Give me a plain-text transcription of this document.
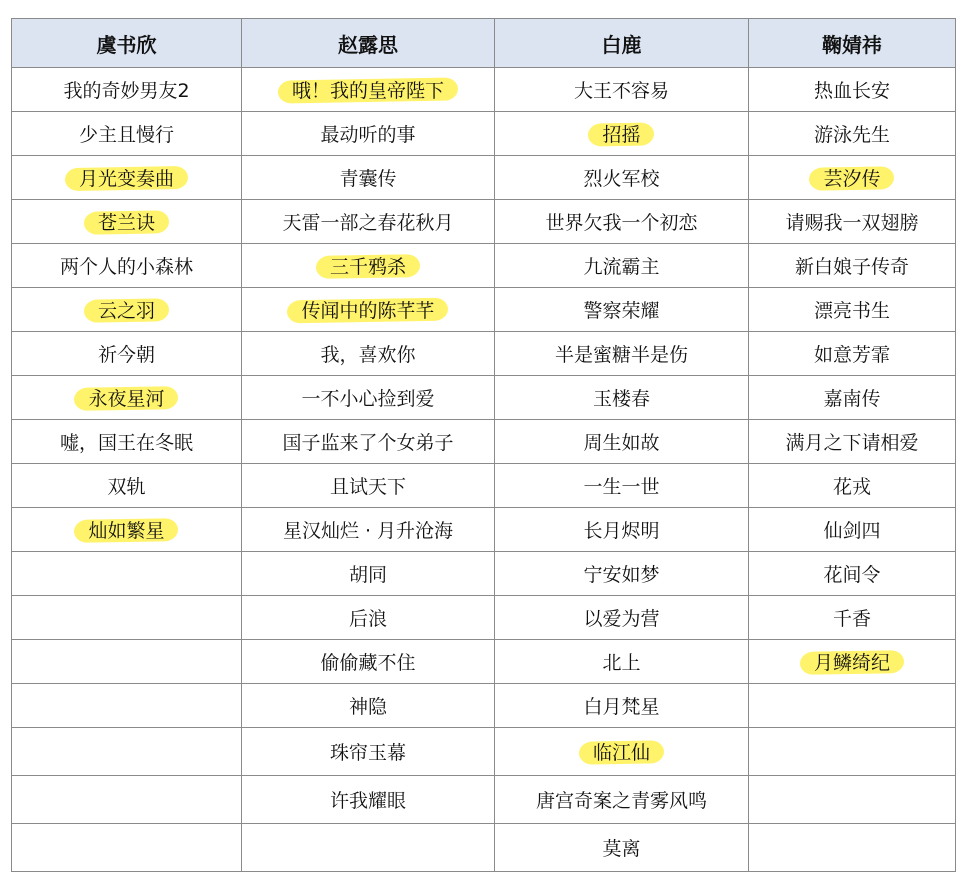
虞书欣	赵露思	白鹿	鞠婧祎
我的奇妙男友2	哦！我的皇帝陛下	大王不容易	热血长安
少主且慢行	最动听的事	招摇	游泳先生
月光变奏曲	青囊传	烈火军校	芸汐传
苍兰诀	天雷一部之春花秋月	世界欠我一个初恋	请赐我一双翅膀
两个人的小森林	三千鸦杀	九流霸主	新白娘子传奇
云之羽	传闻中的陈芊芊	警察荣耀	漂亮书生
祈今朝	我，喜欢你	半是蜜糖半是伤	如意芳霏
永夜星河	一不小心捡到爱	玉楼春	嘉南传
嘘，国王在冬眠	国子监来了个女弟子	周生如故	满月之下请相爱
双轨	且试天下	一生一世	花戎
灿如繁星	星汉灿烂 · 月升沧海	长月烬明	仙剑四
	胡同	宁安如梦	花间令
	后浪	以爱为营	千香
	偷偷藏不住	北上	月鳞绮纪
	神隐	白月梵星	
	珠帘玉幕	临江仙	
	许我耀眼	唐宫奇案之青雾风鸣	
		莫离	
